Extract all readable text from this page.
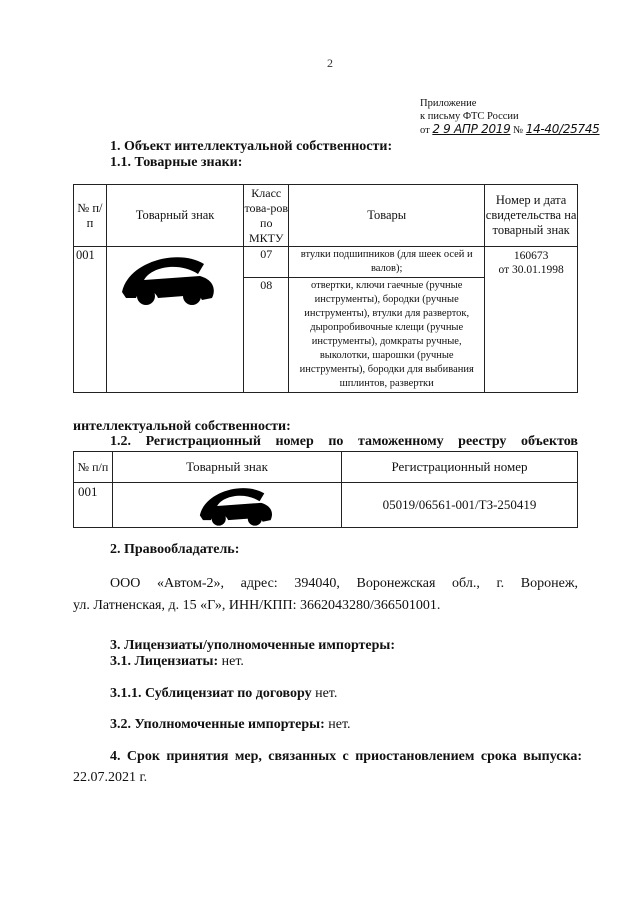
2
Приложение
к письму ФТС России
от 2 9 АПР 2019 № 14-40/25745
1. Объект интеллектуальной собственности:
1.1. Товарные знаки:
№ п/п	Товарный знак	Класс това-ров по МКТУ	Товары	Номер и дата свидетельства на товарный знак
001		07	втулки подшипников (для шеек осей и валов);	160673
от 30.01.1998

		08	отвертки, ключи гаечные (ручные инструменты), бородки (ручные инструменты), втулки для разверток, дыропробивочные клещи (ручные инструменты), домкраты ручные, выколотки, шарошки (ручные инструменты), бородки для выбивания шплинтов, развертки	
1.2. Регистрационный номер по таможенному реестру объектов
интеллектуальной собственности:
№ п/п	Товарный знак	Регистрационный номер
001		05019/06561-001/ТЗ-250419
2. Правообладатель:
ООО «Автом-2», адрес: 394040, Воронежская обл., г. Воронеж,
ул. Латненская, д. 15 «Г», ИНН/КПП: 3662043280/366501001.
3. Лицензиаты/уполномоченные импортеры:
3.1. Лицензиаты: нет.
3.1.1. Сублицензиат по договору нет.
3.2. Уполномоченные импортеры: нет.
4. Срок принятия мер, связанных с приостановлением срока выпуска:
22.07.2021 г.
